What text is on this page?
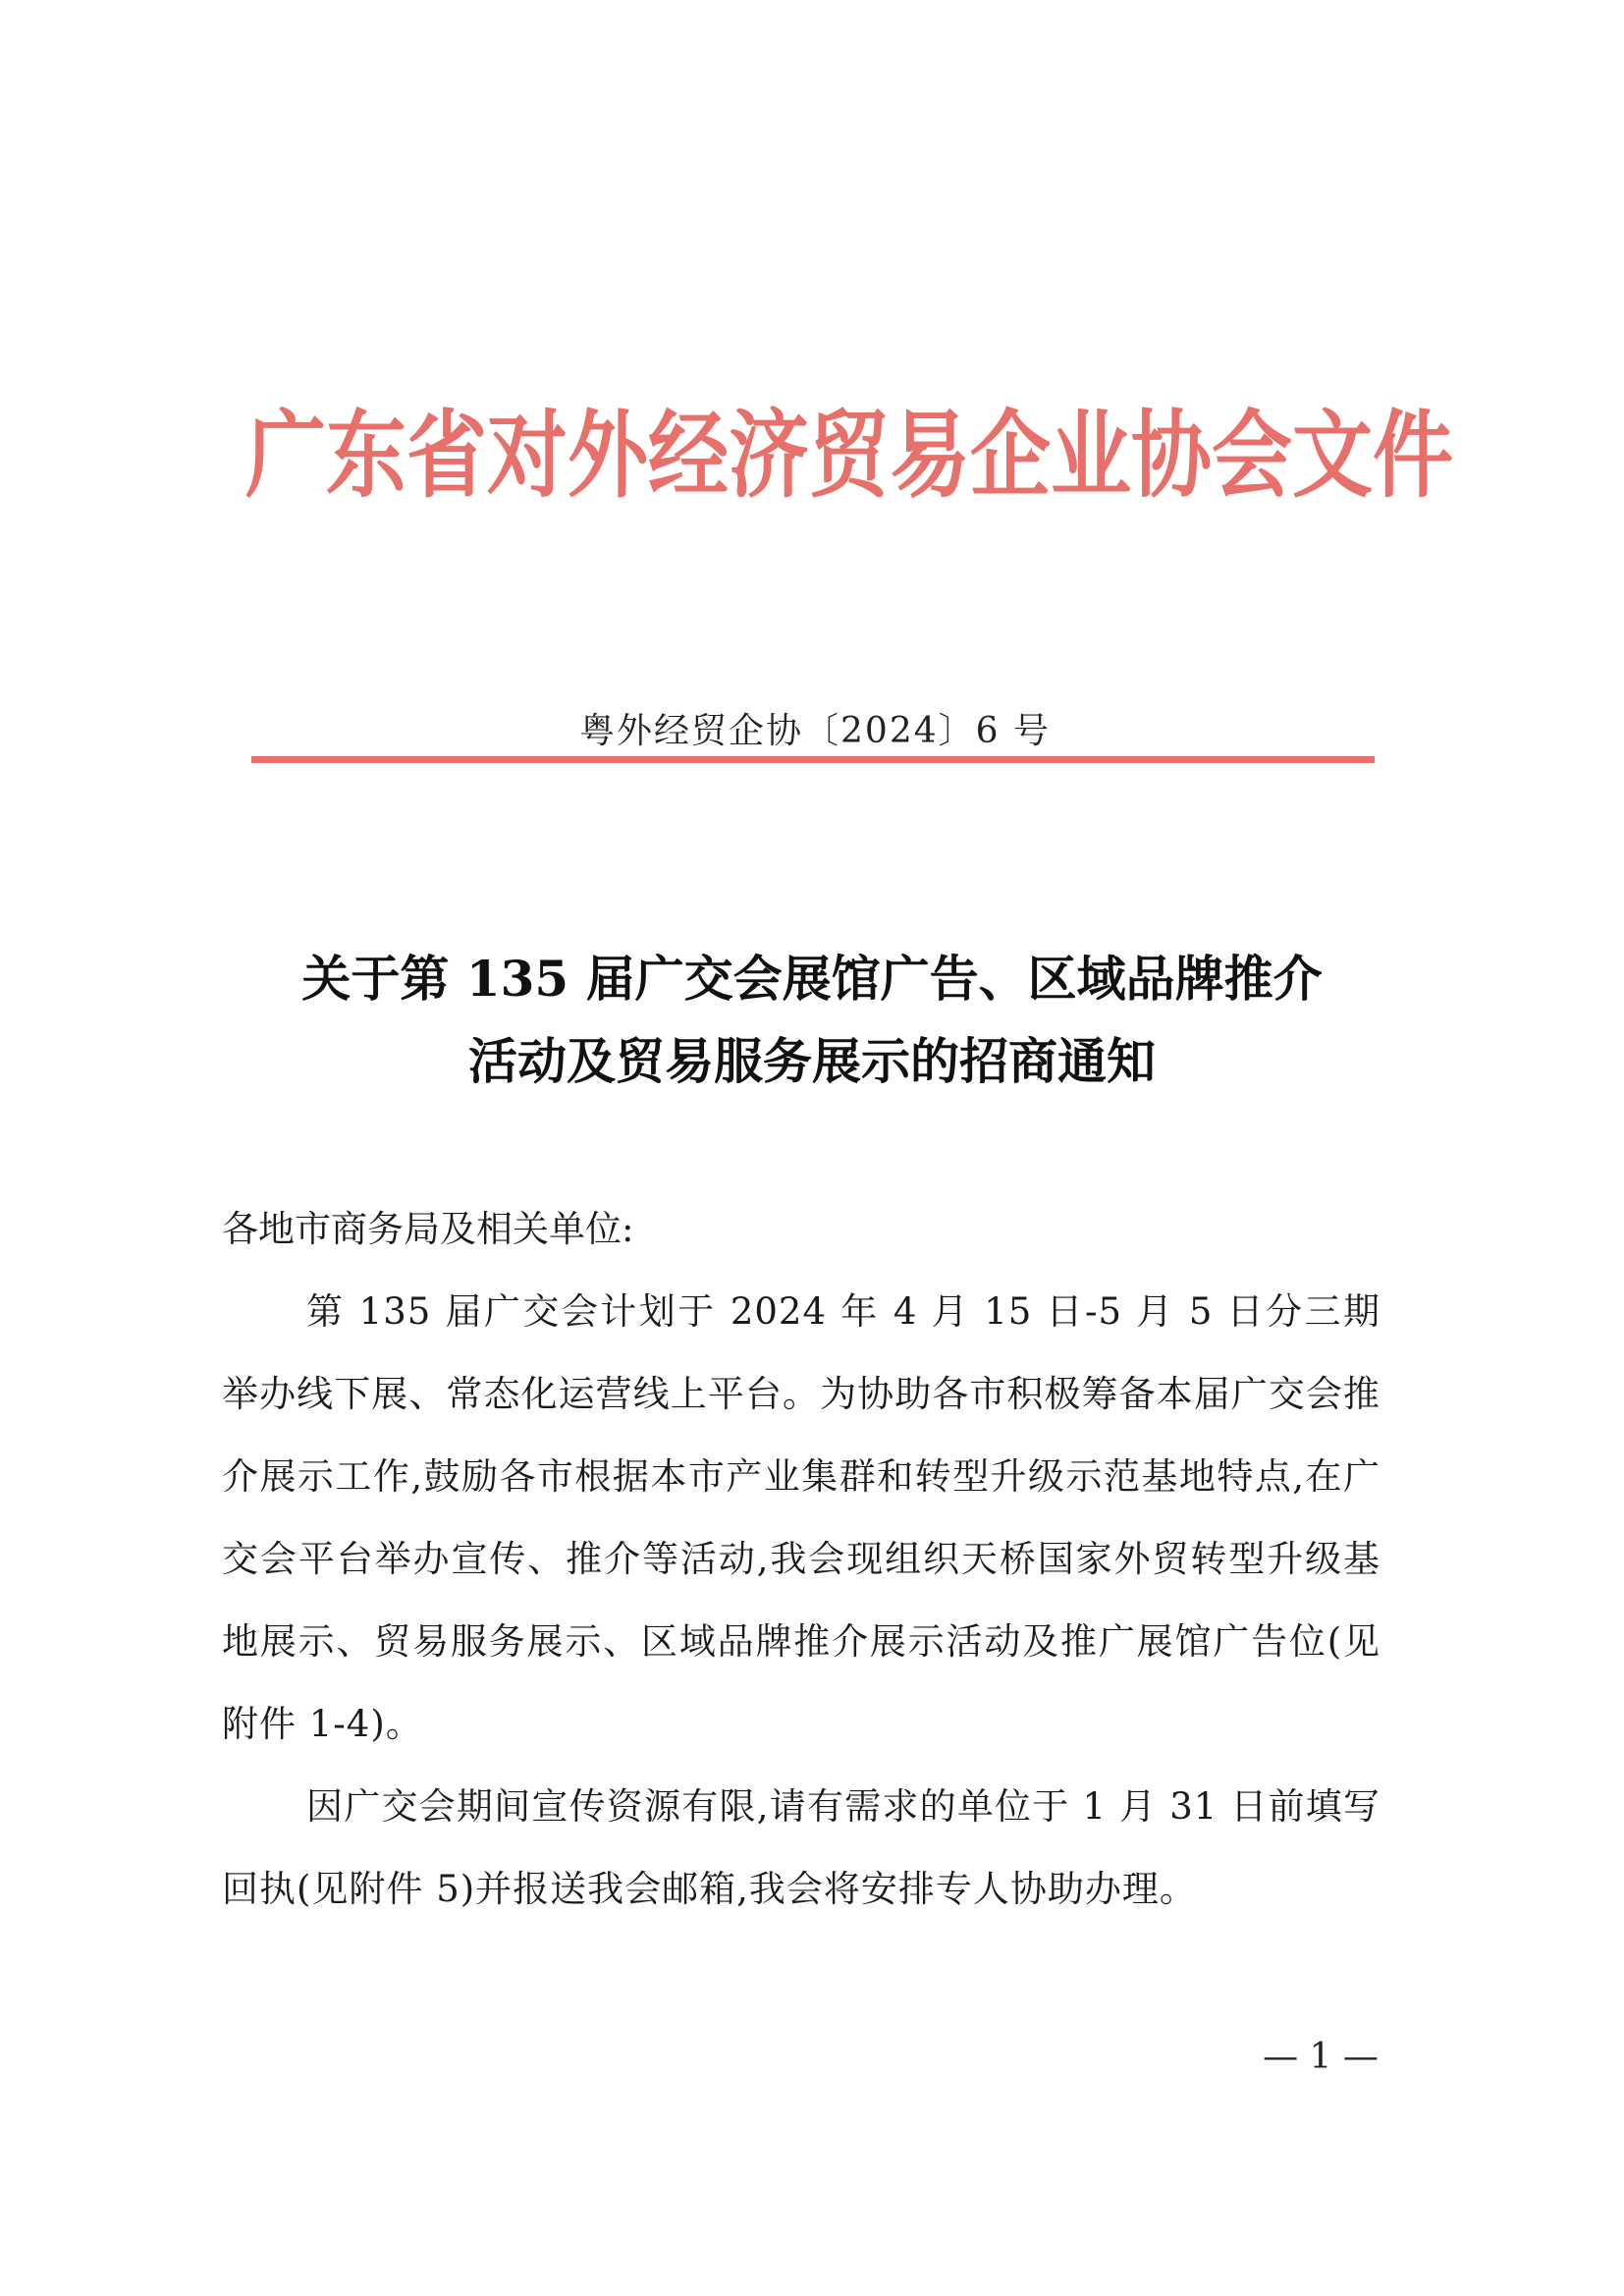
广东省对外经济贸易企业协会文件
粤外经贸企协〔2024〕6 号
关于第 135 届广交会展馆广告、区域品牌推介
活动及贸易服务展示的招商通知
各地市商务局及相关单位:

第 135 届广交会计划于 2024 年 4 月 15 日-5 月 5 日分三期举办线下展、常态化运营线上平台。为协助各市积极筹备本届广交会推介展示工作,鼓励各市根据本市产业集群和转型升级示范基地特点,在广交会平台举办宣传、推介等活动,我会现组织天桥国家外贸转型升级基地展示、贸易服务展示、区域品牌推介展示活动及推广展馆广告位(见附件 1-4)。

因广交会期间宣传资源有限,请有需求的单位于 1 月 31 日前填写回执(见附件 5)并报送我会邮箱,我会将安排专人协助办理。

— 1 —
